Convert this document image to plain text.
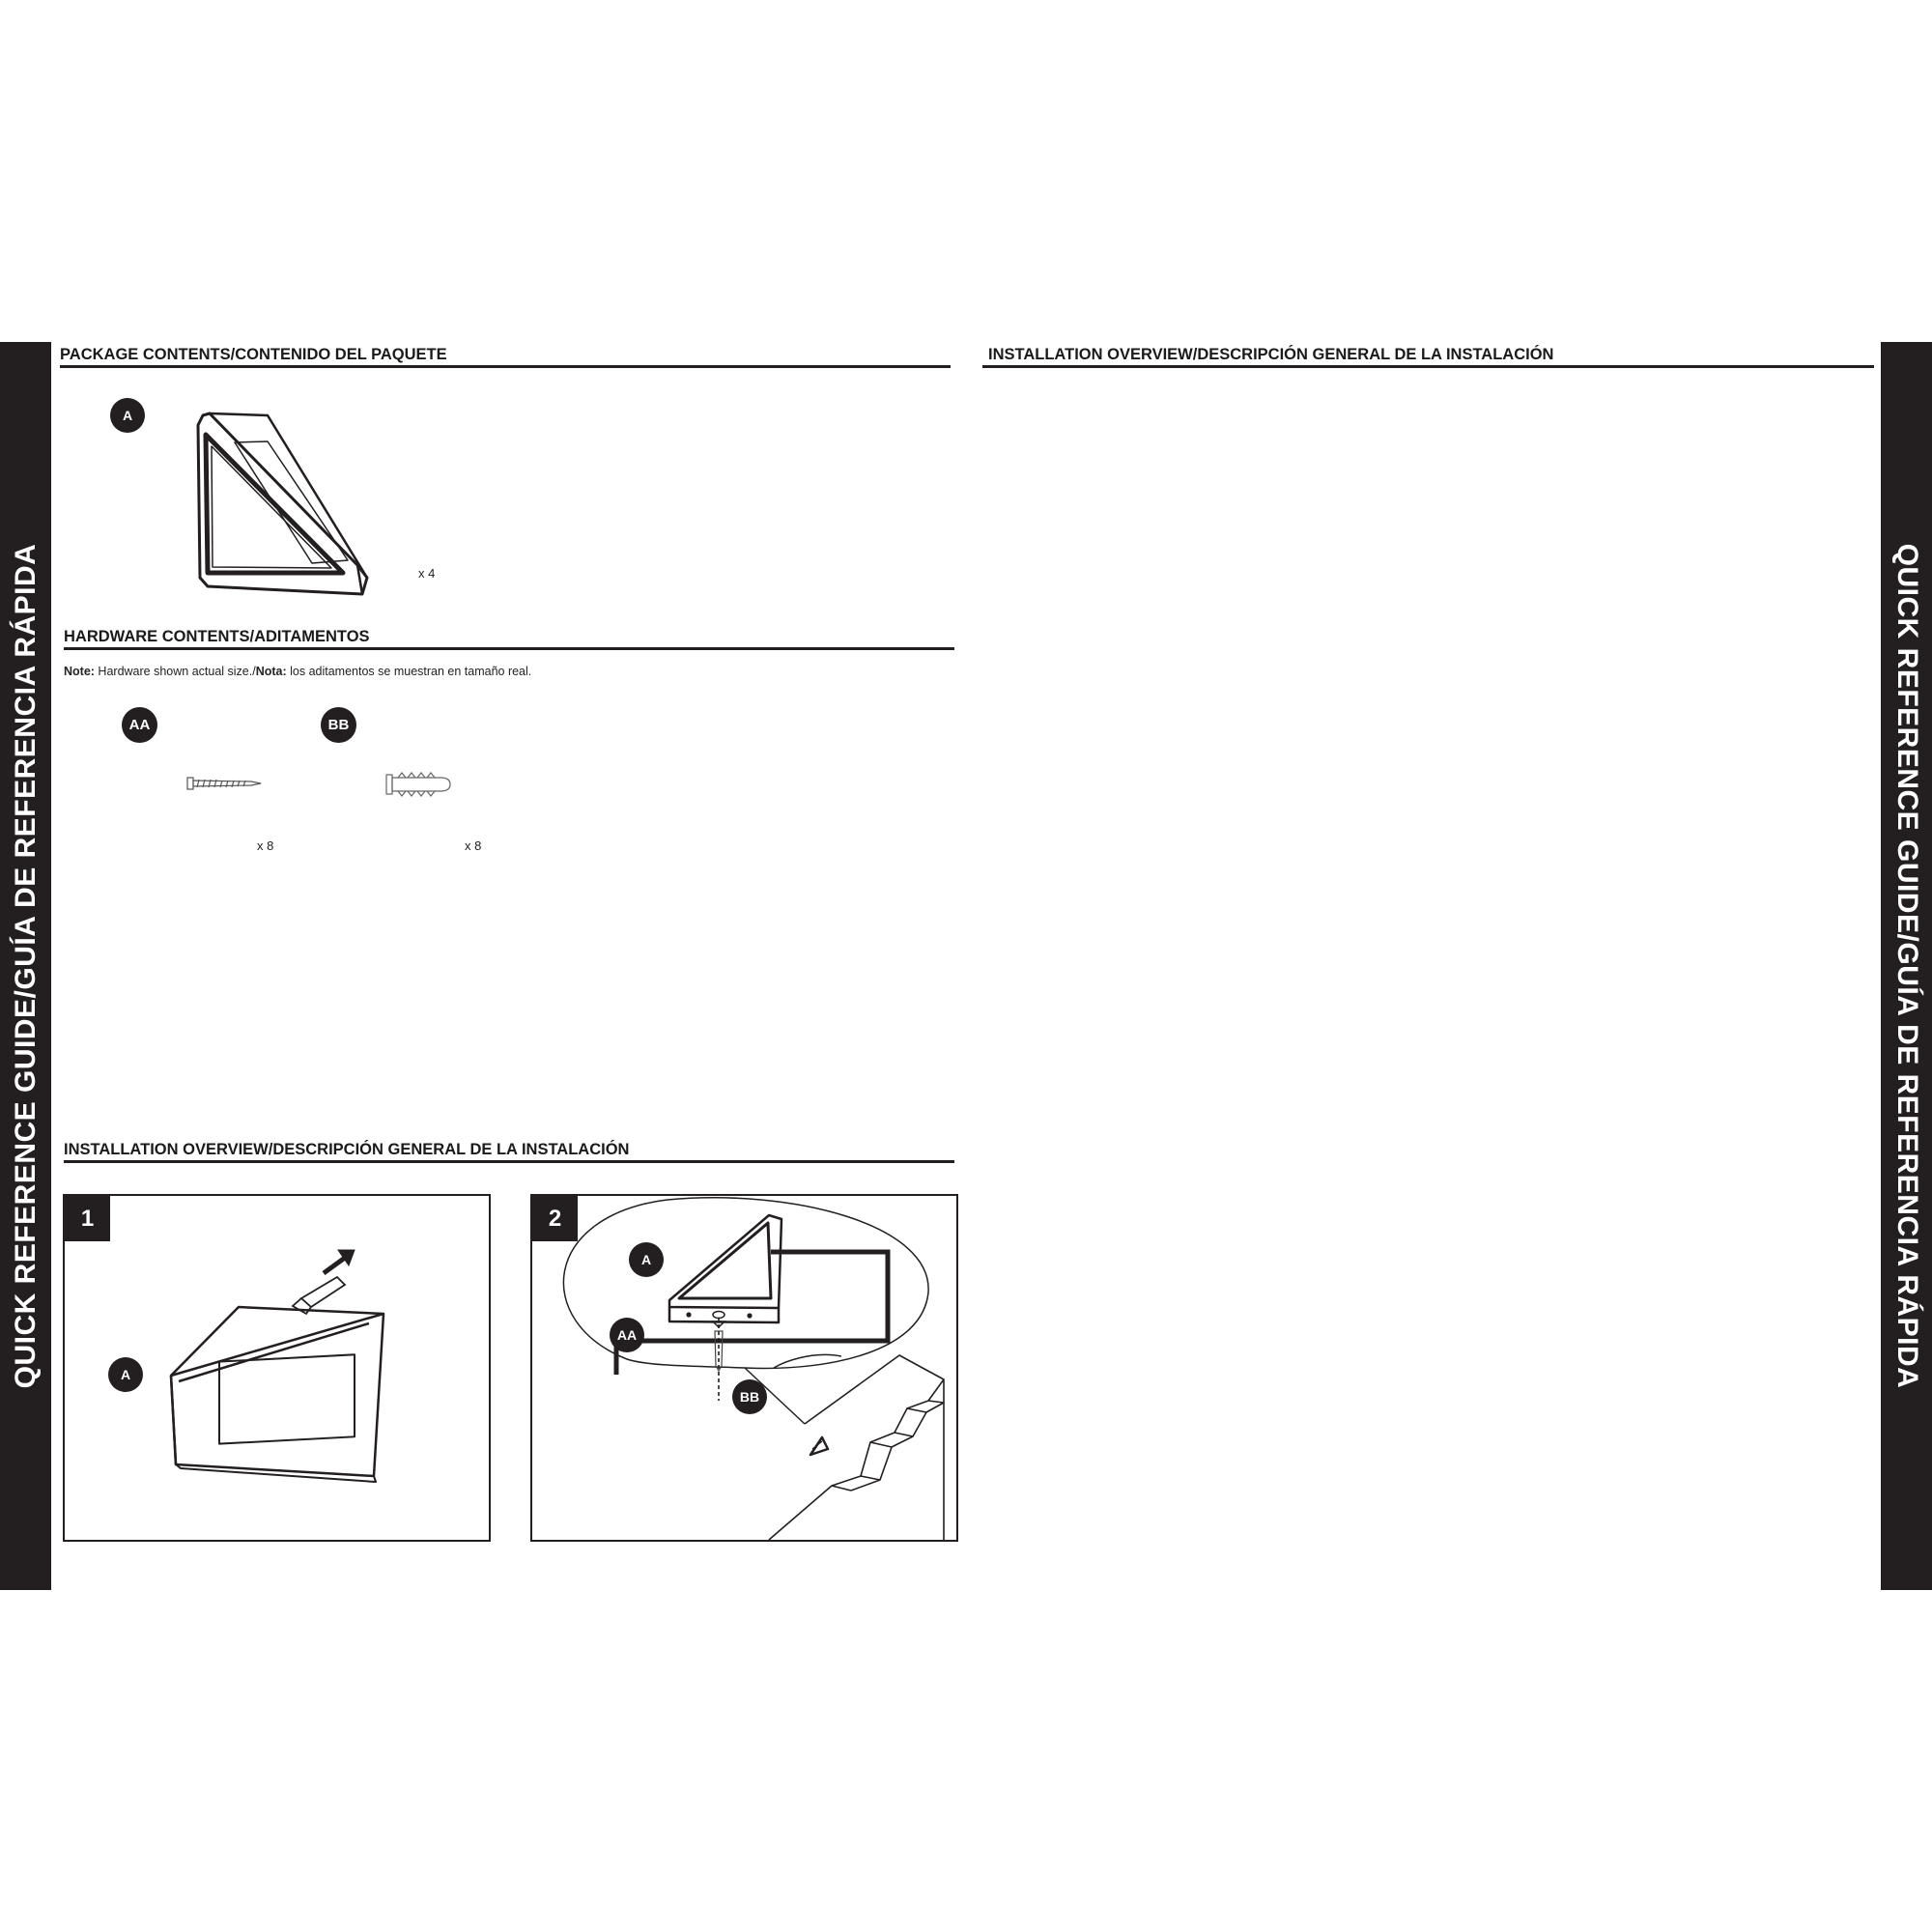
QUICK REFERENCE GUIDE/GUÍA DE REFERENCIA RÁPIDA	QUICK REFERENCE GUIDE/GUÍA DE REFERENCIA RÁPIDA
PACKAGE CONTENTS/CONTENIDO DEL PAQUETE
A
x 4
HARDWARE CONTENTS/ADITAMENTOS
Note: Hardware shown actual size./Nota: los aditamentos se muestran en tamaño real.
AA	BB
x 8	x 8
INSTALLATION OVERVIEW/DESCRIPCIÓN GENERAL DE LA INSTALACIÓN
1
A
2
A
AA
BB
INSTALLATION OVERVIEW/DESCRIPCIÓN GENERAL DE LA INSTALACIÓN
